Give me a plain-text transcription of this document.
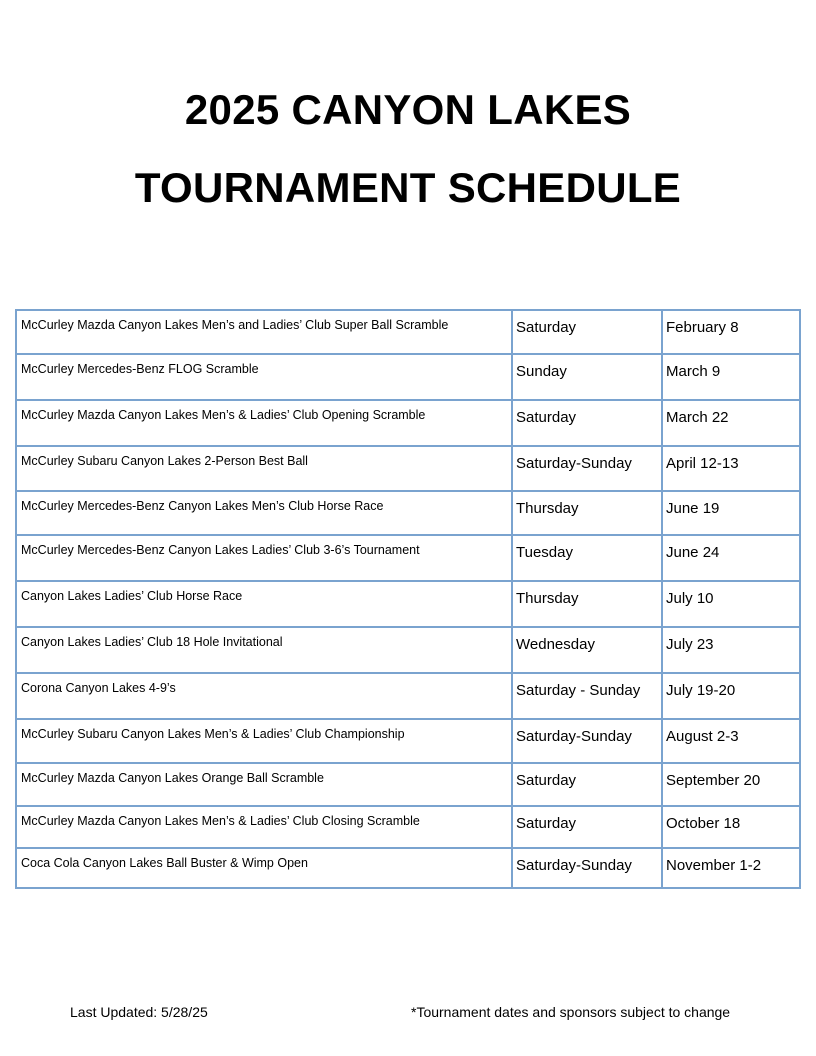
2025 CANYON LAKES
TOURNAMENT SCHEDULE
McCurley Mazda Canyon Lakes Men’s and Ladies’ Club Super Ball Scramble	Saturday	February 8

McCurley Mercedes-Benz FLOG Scramble	Sunday	March 9

McCurley Mazda Canyon Lakes Men’s & Ladies’ Club Opening Scramble	Saturday	March 22

McCurley Subaru Canyon Lakes 2-Person Best Ball	Saturday-Sunday	April 12-13

McCurley Mercedes-Benz Canyon Lakes Men’s Club Horse Race	Thursday	June 19

McCurley Mercedes-Benz Canyon Lakes Ladies’ Club 3-6’s Tournament	Tuesday	June 24

Canyon Lakes Ladies’ Club Horse Race	Thursday	July 10

Canyon Lakes Ladies’ Club 18 Hole Invitational	Wednesday	July 23

Corona Canyon Lakes 4-9’s	Saturday - Sunday	July 19-20

McCurley Subaru Canyon Lakes Men’s & Ladies’ Club Championship	Saturday-Sunday	August 2-3

McCurley Mazda Canyon Lakes Orange Ball Scramble	Saturday	September 20

McCurley Mazda Canyon Lakes Men’s & Ladies’ Club Closing Scramble	Saturday	October 18

Coca Cola Canyon Lakes Ball Buster & Wimp Open	Saturday-Sunday	November 1-2
Last Updated: 5/28/25	*Tournament dates and sponsors subject to change
